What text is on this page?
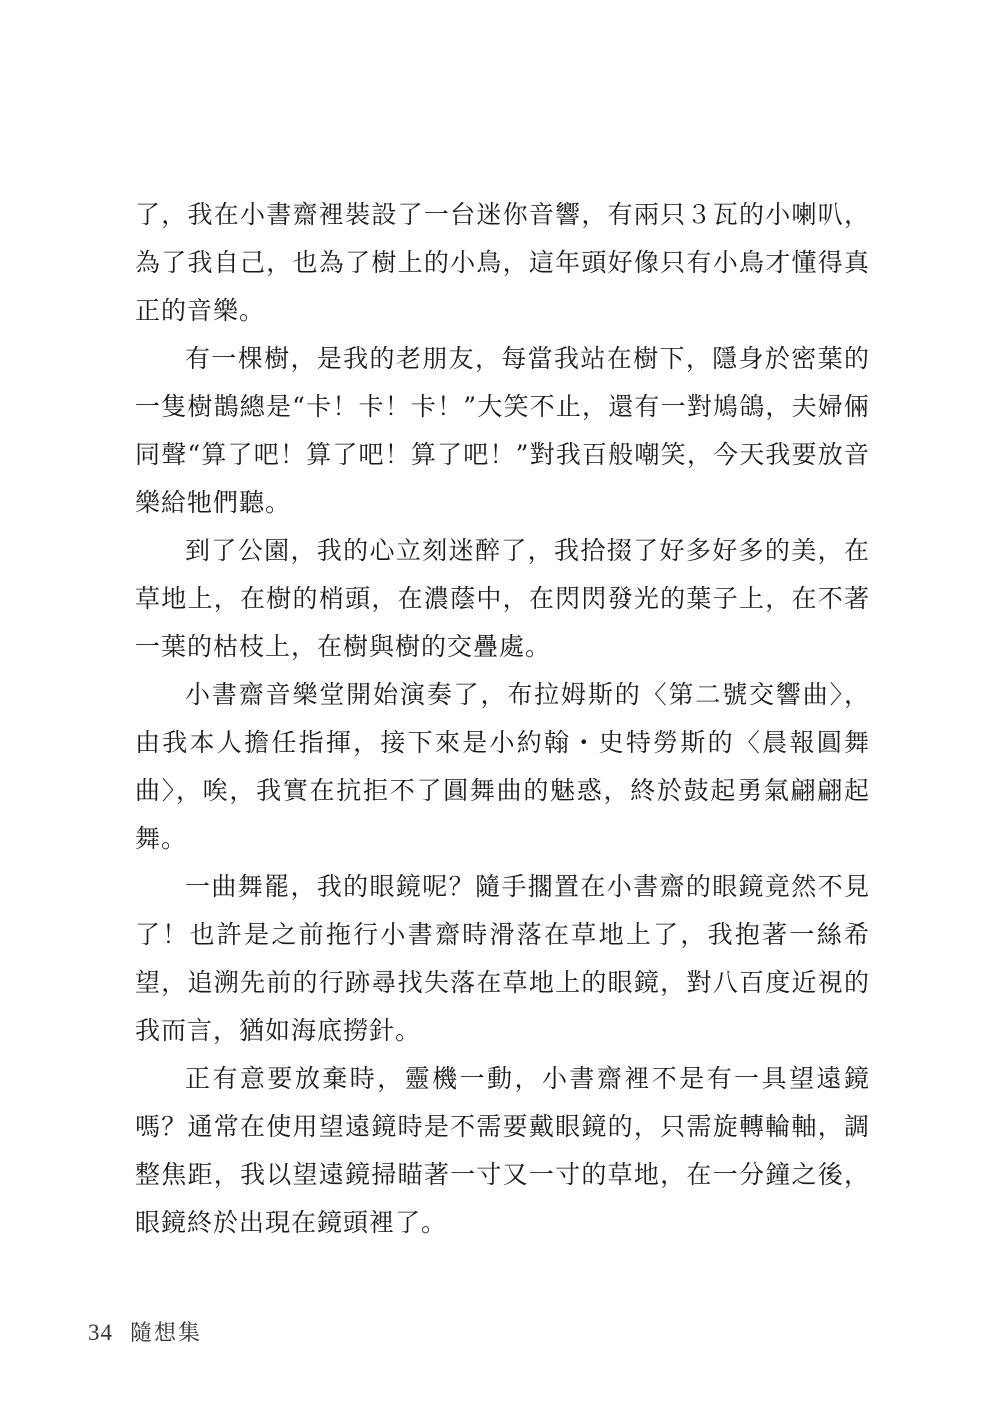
了，我在小書齋裡裝設了一台迷你音響，有兩只３瓦的小喇叭，為了我自己，也為了樹上的小鳥，這年頭好像只有小鳥才懂得真正的音樂。

有一棵樹，是我的老朋友，每當我站在樹下，隱身於密葉的一隻樹鵲總是“卡！卡！卡！”大笑不止，還有一對鳩鴿，夫婦倆同聲“算了吧！算了吧！算了吧！”對我百般嘲笑，今天我要放音樂給牠們聽。

到了公園，我的心立刻迷醉了，我拾掇了好多好多的美，在草地上，在樹的梢頭，在濃蔭中，在閃閃發光的葉子上，在不著一葉的枯枝上，在樹與樹的交疊處。

小書齋音樂堂開始演奏了，布拉姆斯的〈第二號交響曲〉，由我本人擔任指揮，接下來是小約翰・史特勞斯的〈晨報圓舞曲〉，唉，我實在抗拒不了圓舞曲的魅惑，終於鼓起勇氣翩翩起舞。

一曲舞罷，我的眼鏡呢？隨手擱置在小書齋的眼鏡竟然不見了！也許是之前拖行小書齋時滑落在草地上了，我抱著一絲希望，追溯先前的行跡尋找失落在草地上的眼鏡，對八百度近視的我而言，猶如海底撈針。

正有意要放棄時，靈機一動，小書齋裡不是有一具望遠鏡嗎？通常在使用望遠鏡時是不需要戴眼鏡的，只需旋轉輪軸，調整焦距，我以望遠鏡掃瞄著一寸又一寸的草地，在一分鐘之後，眼鏡終於出現在鏡頭裡了。

34 隨想集
